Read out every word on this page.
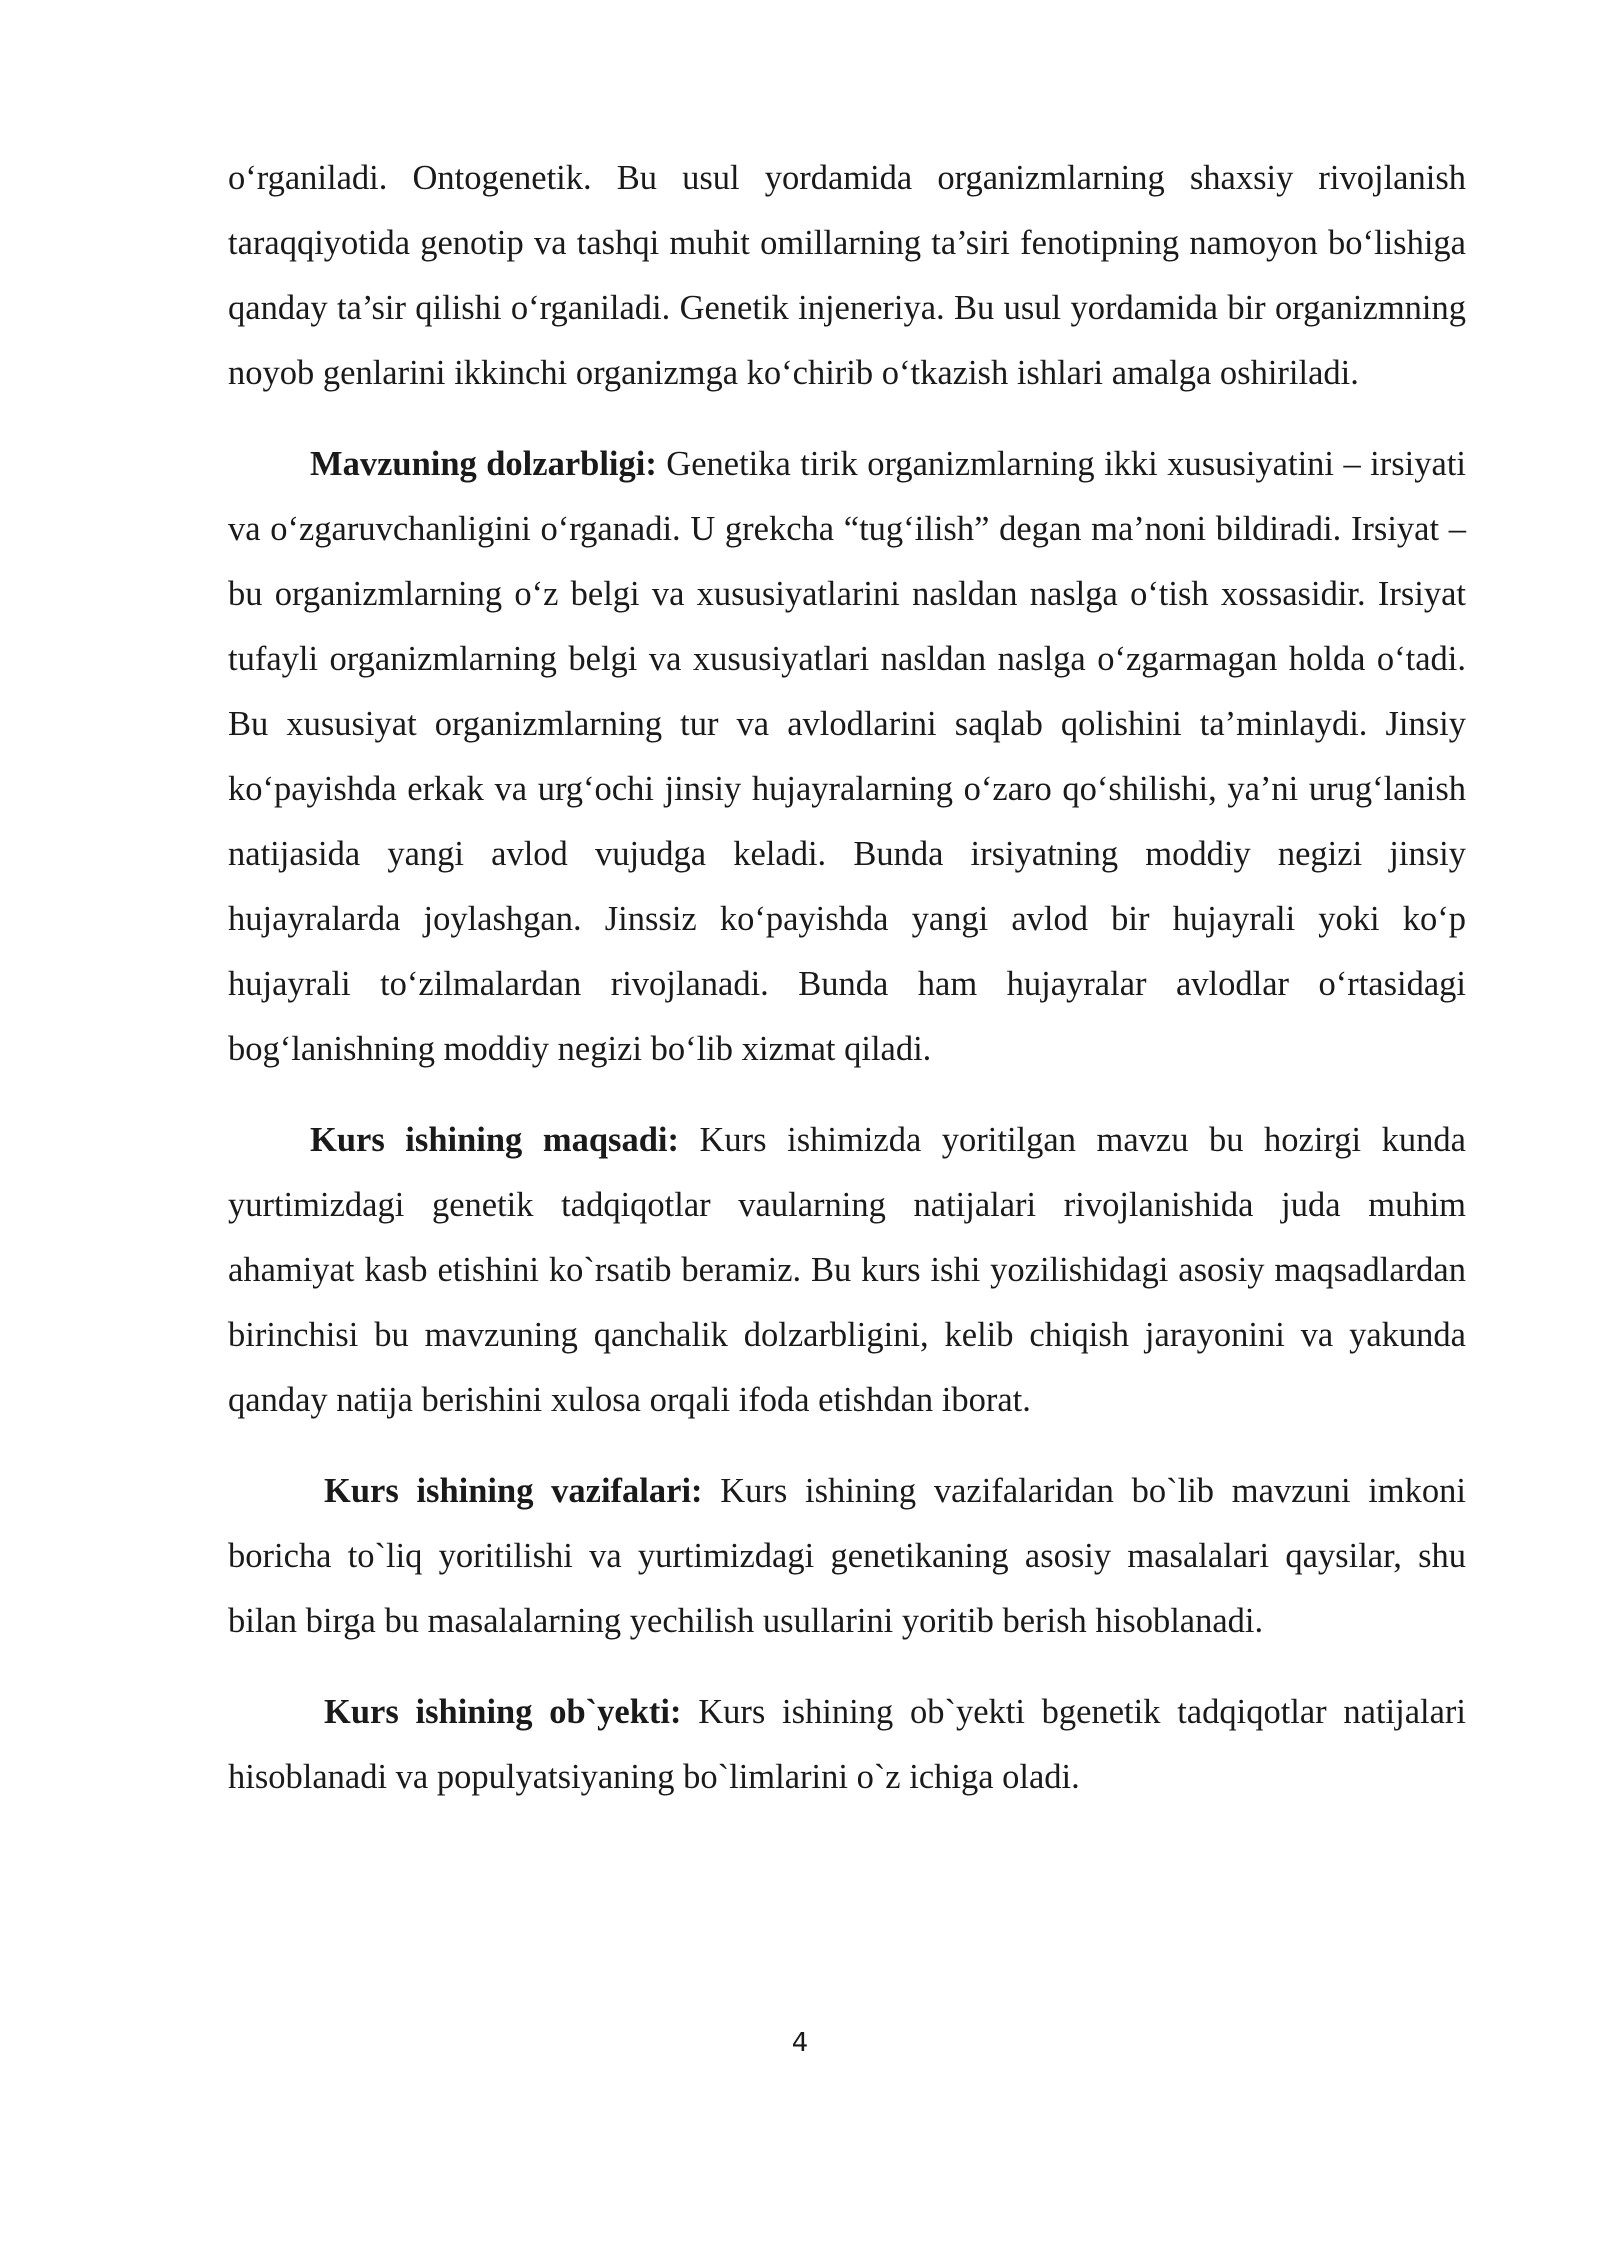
o‘rganiladi. Ontogenetik. Bu usul yordamida organizmlarning shaxsiy rivojlanish taraqqiyotida genotip va tashqi muhit omillarning ta’siri fenotipning namoyon bo‘lishiga qanday ta’sir qilishi o‘rganiladi. Genetik injeneriya. Bu usul yordamida bir organizmning noyob genlarini ikkinchi organizmga ko‘chirib o‘tkazish ishlari amalga oshiriladi.

Mavzuning dolzarbligi: Genetika tirik organizmlarning ikki xususiyatini – irsiyati va o‘zgaruvchanligini o‘rganadi. U grekcha “tug‘ilish” degan ma’noni bildiradi. Irsiyat – bu organizmlarning o‘z belgi va xususiyatlarini nasldan naslga o‘tish xossasidir. Irsiyat tufayli organizmlarning belgi va xususiyatlari nasldan naslga o‘zgarmagan holda o‘tadi. Bu xususiyat organizmlarning tur va avlodlarini saqlab qolishini ta’minlaydi. Jinsiy ko‘payishda erkak va urg‘ochi jinsiy hujayralarning o‘zaro qo‘shilishi, ya’ni urug‘lanish natijasida yangi avlod vujudga keladi. Bunda irsiyatning moddiy negizi jinsiy hujayralarda joylashgan. Jinssiz ko‘payishda yangi avlod bir hujayrali yoki ko‘p hujayrali to‘zilmalardan rivojlanadi. Bunda ham hujayralar avlodlar o‘rtasidagi bog‘lanishning moddiy negizi bo‘lib xizmat qiladi.

Kurs ishining maqsadi: Kurs ishimizda yoritilgan mavzu bu hozirgi kunda yurtimizdagi genetik tadqiqotlar vaularning natijalari rivojlanishida juda muhim ahamiyat kasb etishini ko`rsatib beramiz. Bu kurs ishi yozilishidagi asosiy maqsadlardan birinchisi bu mavzuning qanchalik dolzarbligini, kelib chiqish jarayonini va yakunda qanday natija berishini xulosa orqali ifoda etishdan iborat.

Kurs ishining vazifalari: Kurs ishining vazifalaridan bo`lib mavzuni imkoni boricha to`liq yoritilishi va yurtimizdagi genetikaning asosiy masalalari qaysilar, shu bilan birga bu masalalarning yechilish usullarini yoritib berish hisoblanadi.

Kurs ishining ob`yekti: Kurs ishining ob`yekti bgenetik tadqiqotlar natijalari hisoblanadi va populyatsiyaning bo`limlarini o`z ichiga oladi.

4
